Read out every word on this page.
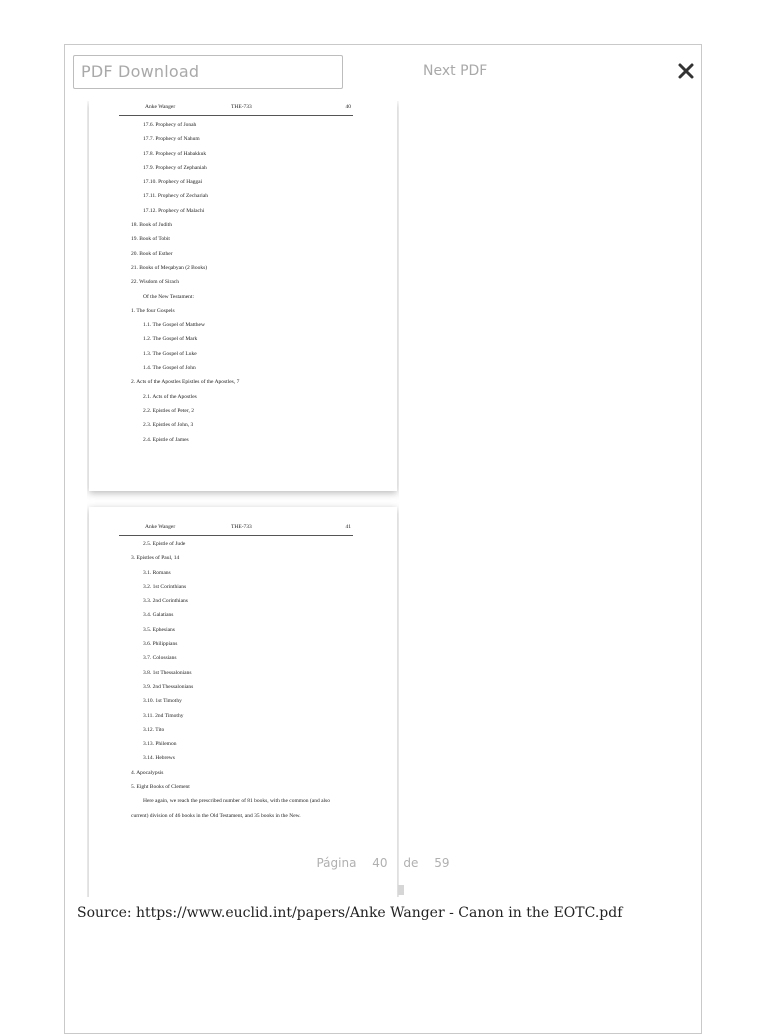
PDF Download	Next PDF
Anke Wanger	THE-733	40
17.6. Prophecy of Jonah
17.7. Prophecy of Nahum
17.8. Prophecy of Habakkuk
17.9. Prophecy of Zephaniah
17.10. Prophecy of Haggai
17.11. Prophecy of Zechariah
17.12. Prophecy of Malachi
18. Book of Judith
19. Book of Tobit
20. Book of Esther
21. Books of Meqabyan (2 Books)
22. Wisdom of Sirach
Of the New Testament:
1. The four Gospels
1.1. The Gospel of Matthew
1.2. The Gospel of Mark
1.3. The Gospel of Luke
1.4. The Gospel of John
2. Acts of the Apostles Epistles of the Apostles, 7
2.1. Acts of the Apostles
2.2. Epistles of Peter, 2
2.3. Epistles of John, 3
2.4. Epistle of James
Anke Wanger	THE-733	41
2.5. Epistle of Jude
3. Epistles of Paul, 14
3.1. Romans
3.2. 1st Corinthians
3.3. 2nd Corinthians
3.4. Galatians
3.5. Ephesians
3.6. Philippians
3.7. Colossians
3.8. 1st Thessalonians
3.9. 2nd Thessalonians
3.10. 1st Timothy
3.11. 2nd Timothy
3.12. Tito
3.13. Philemon
3.14. Hebrews
4. Apocalypsis
5. Eight Books of Clement
Here again, we reach the prescribed number of 81 books, with the common (and also
current) division of 46 books in the Old Testament, and 35 books in the New.
Página 40 de 59
Source: https://www.euclid.int/papers/Anke Wanger - Canon in the EOTC.pdf
